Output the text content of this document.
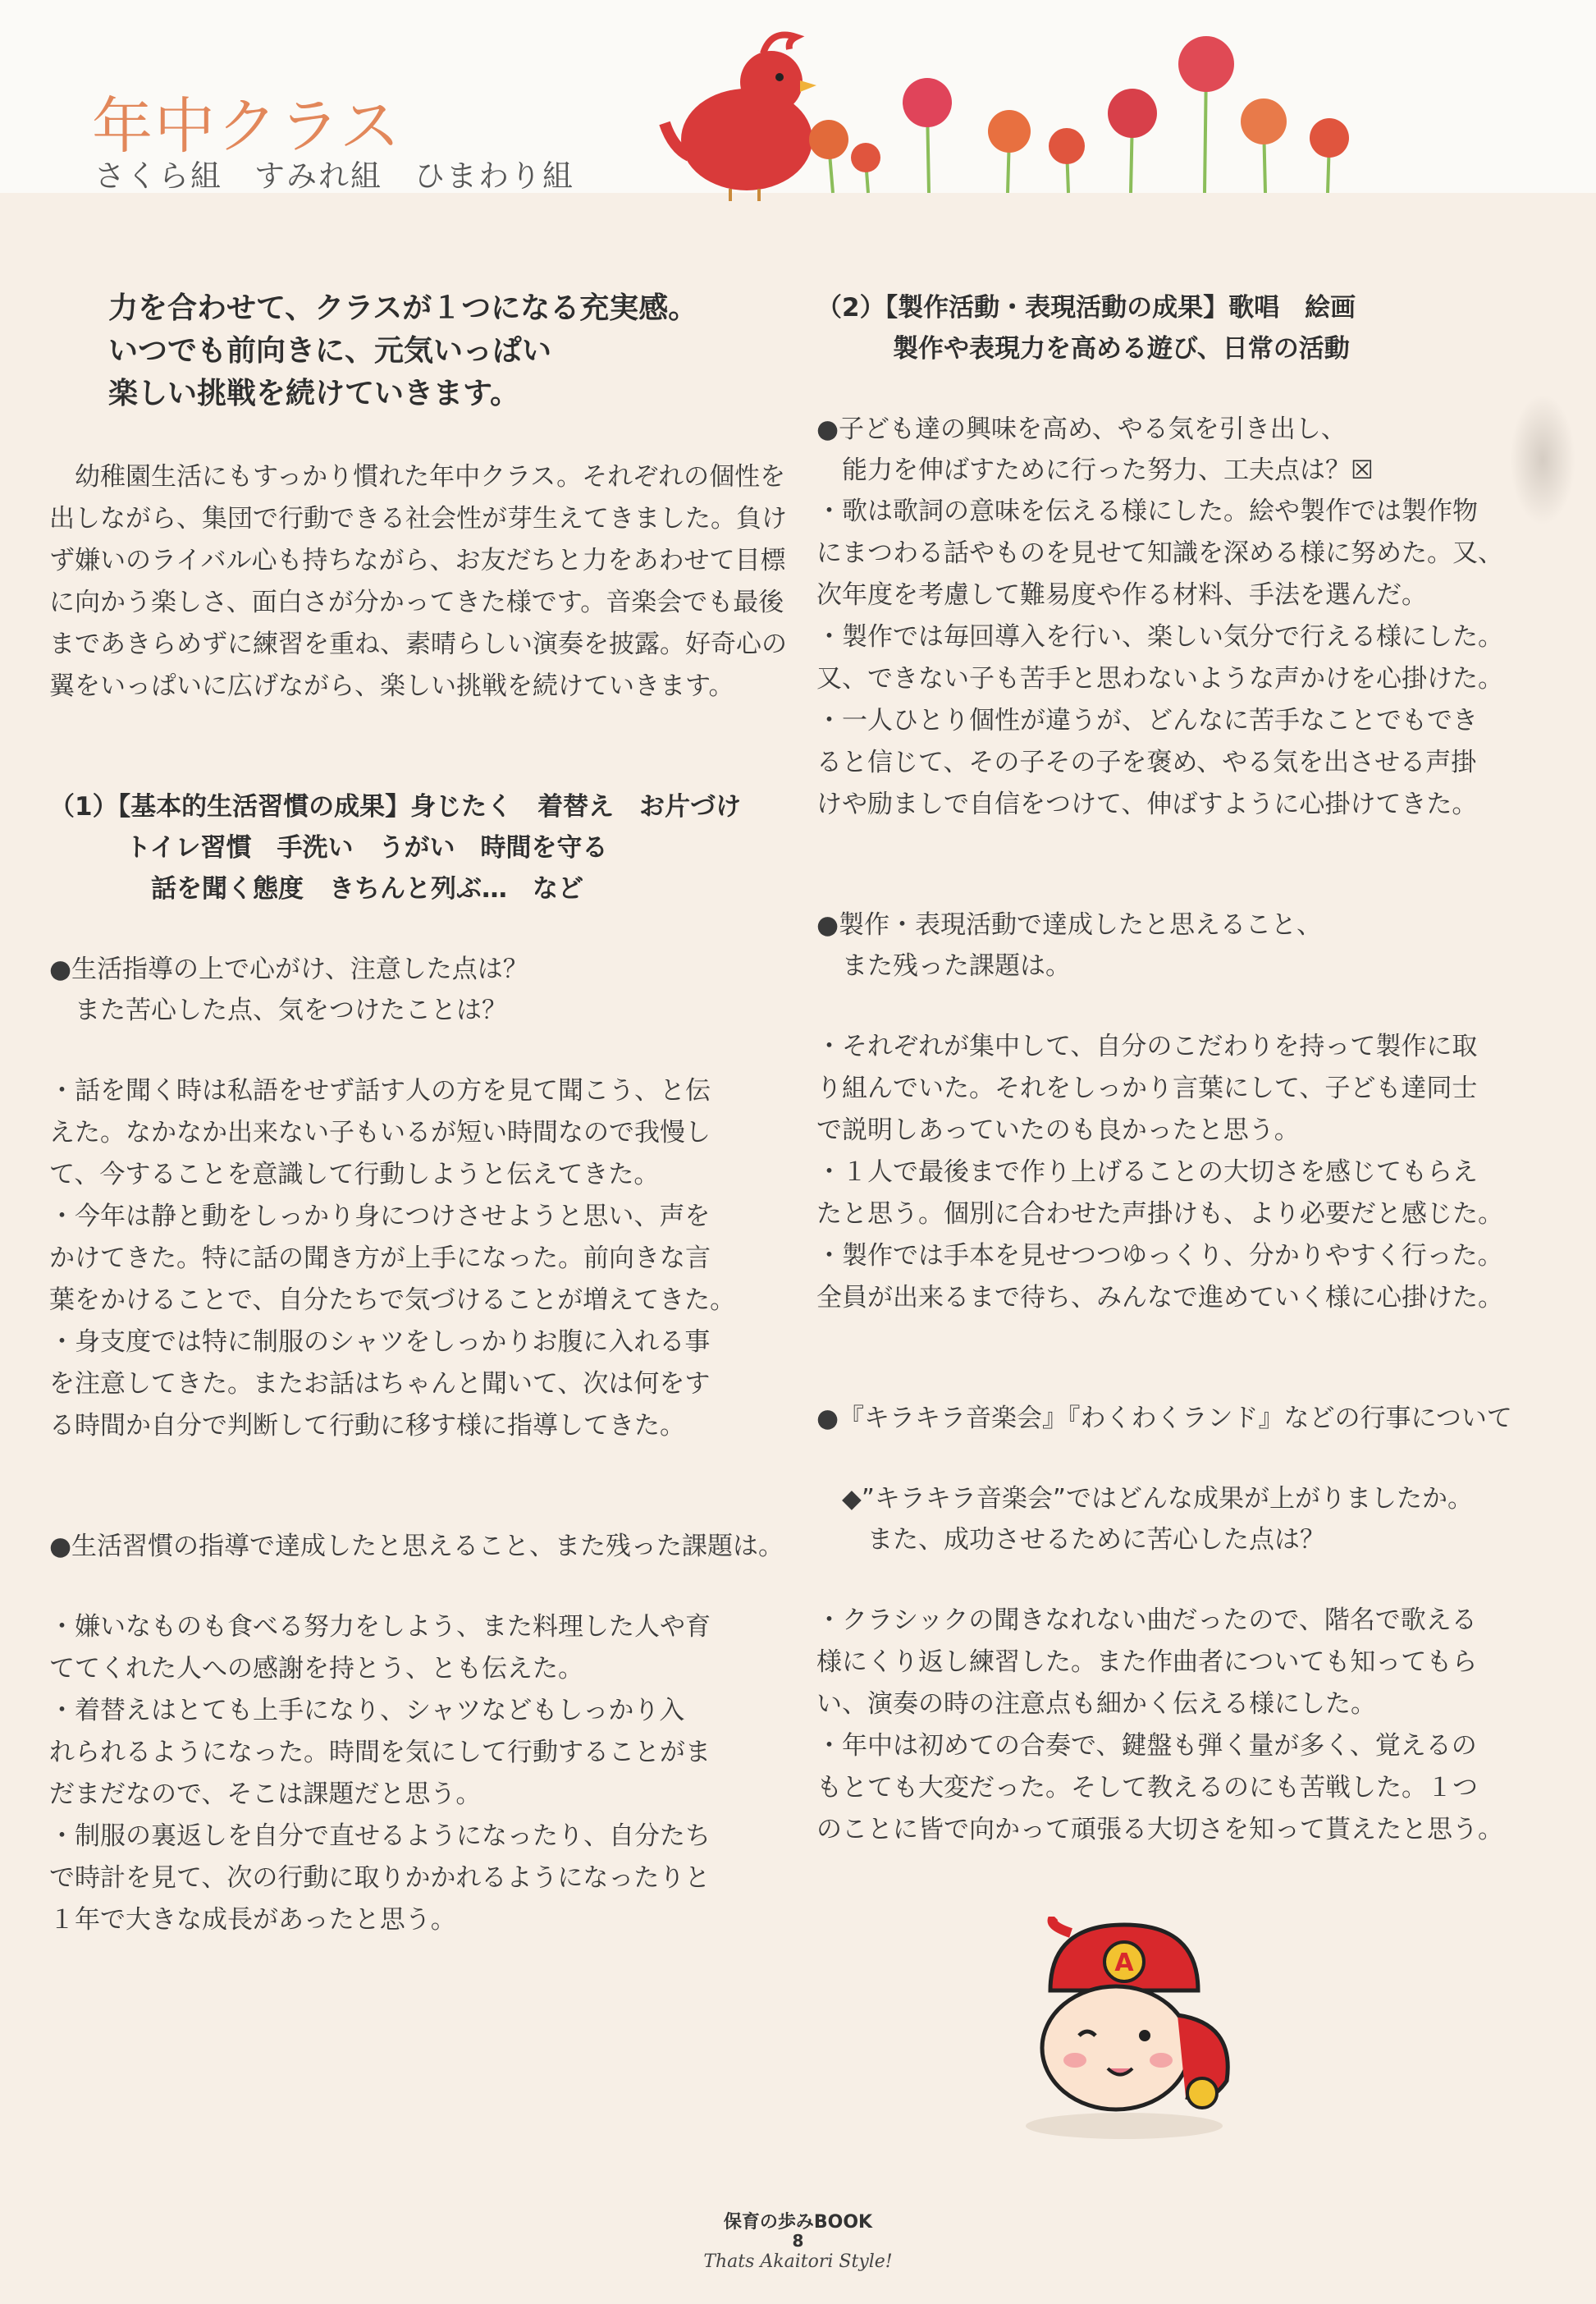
年中クラス
さくら組　すみれ組　ひまわり組
力を合わせて、クラスが１つになる充実感。
いつでも前向きに、元気いっぱい
楽しい挑戦を続けていきます。
　幼稚園生活にもすっかり慣れた年中クラス。それぞれの個性を
出しながら、集団で行動できる社会性が芽生えてきました。負け
ず嫌いのライバル心も持ちながら、お友だちと力をあわせて目標
に向かう楽しさ、面白さが分かってきた様です。音楽会でも最後
まであきらめずに練習を重ね、素晴らしい演奏を披露。好奇心の
翼をいっぱいに広げながら、楽しい挑戦を続けていきます。
（1）【基本的生活習慣の成果】身じたく　着替え　お片づけ
　　　トイレ習慣　手洗い　うがい　時間を守る
　　　　話を聞く態度　きちんと列ぶ…　など
●生活指導の上で心がけ、注意した点は？
　また苦心した点、気をつけたことは？
・話を聞く時は私語をせず話す人の方を見て聞こう、と伝
えた。なかなか出来ない子もいるが短い時間なので我慢し
て、今することを意識して行動しようと伝えてきた。
・今年は静と動をしっかり身につけさせようと思い、声を
かけてきた。特に話の聞き方が上手になった。前向きな言
葉をかけることで、自分たちで気づけることが増えてきた。
・身支度では特に制服のシャツをしっかりお腹に入れる事
を注意してきた。またお話はちゃんと聞いて、次は何をす
る時間か自分で判断して行動に移す様に指導してきた。
●生活習慣の指導で達成したと思えること、また残った課題は。
・嫌いなものも食べる努力をしよう、また料理した人や育
ててくれた人への感謝を持とう、とも伝えた。
・着替えはとても上手になり、シャツなどもしっかり入
れられるようになった。時間を気にして行動することがま
だまだなので、そこは課題だと思う。
・制服の裏返しを自分で直せるようになったり、自分たち
で時計を見て、次の行動に取りかかれるようになったりと
１年で大きな成長があったと思う。
（2）【製作活動・表現活動の成果】歌唱　絵画
　　　製作や表現力を高める遊び、日常の活動
●子ども達の興味を高め、やる気を引き出し、
　能力を伸ばすために行った努力、工夫点は？☒
・歌は歌詞の意味を伝える様にした。絵や製作では製作物
にまつわる話やものを見せて知識を深める様に努めた。又、
次年度を考慮して難易度や作る材料、手法を選んだ。
・製作では毎回導入を行い、楽しい気分で行える様にした。
又、できない子も苦手と思わないような声かけを心掛けた。
・一人ひとり個性が違うが、どんなに苦手なことでもでき
ると信じて、その子その子を褒め、やる気を出させる声掛
けや励ましで自信をつけて、伸ばすように心掛けてきた。
●製作・表現活動で達成したと思えること、
　また残った課題は。
・それぞれが集中して、自分のこだわりを持って製作に取
り組んでいた。それをしっかり言葉にして、子ども達同士
で説明しあっていたのも良かったと思う。
・１人で最後まで作り上げることの大切さを感じてもらえ
たと思う。個別に合わせた声掛けも、より必要だと感じた。
・製作では手本を見せつつゆっくり、分かりやすく行った。
全員が出来るまで待ち、みんなで進めていく様に心掛けた。
●『キラキラ音楽会』『わくわくランド』などの行事について
　◆”キラキラ音楽会”ではどんな成果が上がりましたか。
　　また、成功させるために苦心した点は？
・クラシックの聞きなれない曲だったので、階名で歌える
様にくり返し練習した。また作曲者についても知ってもら
い、演奏の時の注意点も細かく伝える様にした。
・年中は初めての合奏で、鍵盤も弾く量が多く、覚えるの
もとても大変だった。そして教えるのにも苦戦した。１つ
のことに皆で向かって頑張る大切さを知って貰えたと思う。
A
保育の歩みBOOK
8
Thats Akaitori Style!
